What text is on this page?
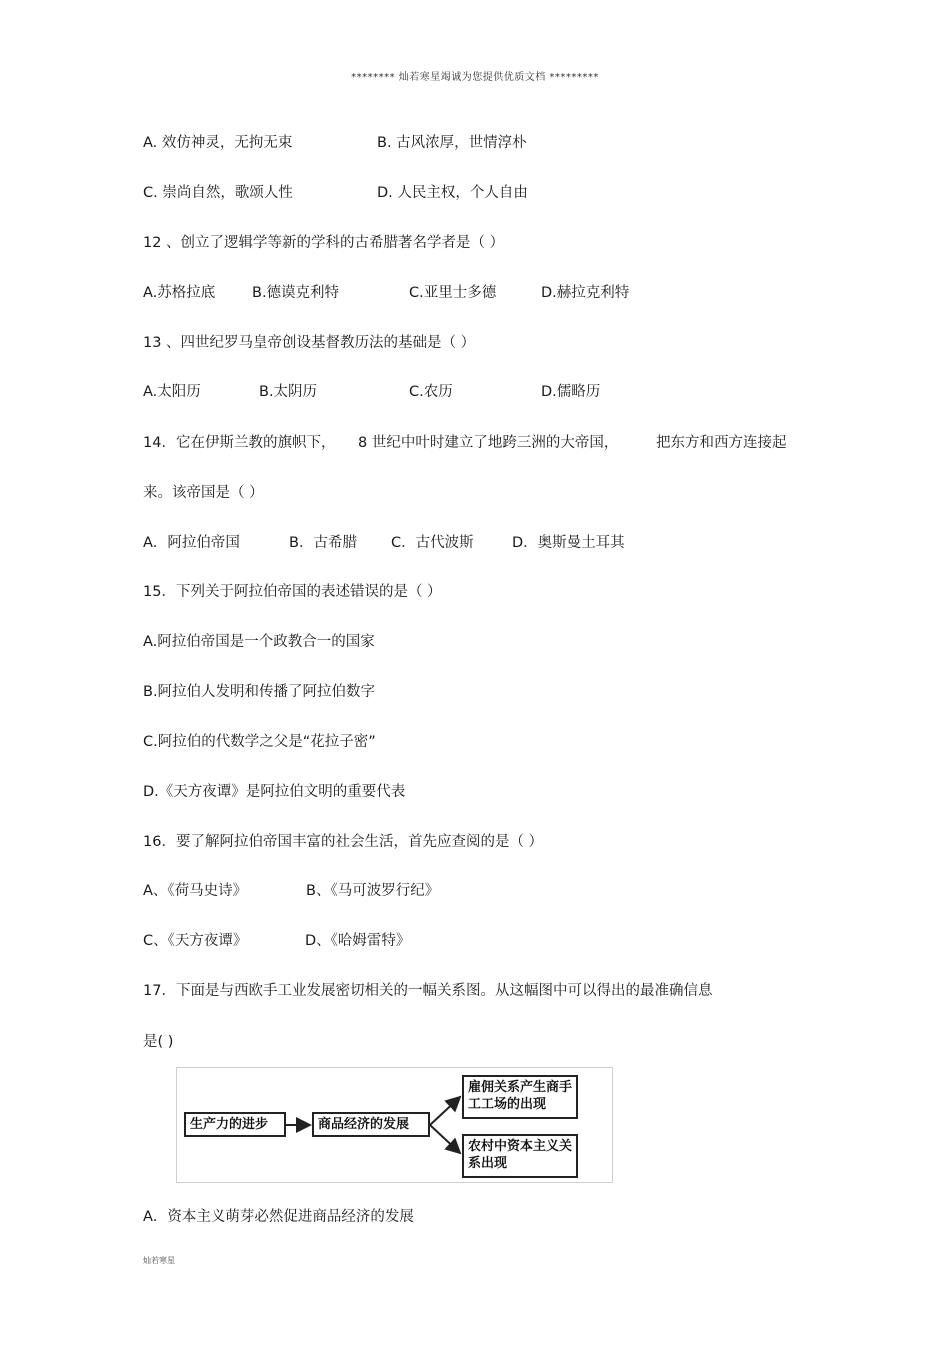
******** 灿若寒星竭诚为您提供优质文档 *********
A. 效仿神灵，无拘无束	B. 古风浓厚，世情淳朴
C. 崇尚自然，歌颂人性	D. 人民主权，个人自由
12 、创立了逻辑学等新的学科的古希腊著名学者是（ ）
A.苏格拉底	B.德谟克利特	C.亚里士多德	D.赫拉克利特
13 、四世纪罗马皇帝创设基督教历法的基础是（ ）
A.太阳历	B.太阴历	C.农历	D.儒略历
14．它在伊斯兰教的旗帜下， 8 世纪中叶时建立了地跨三洲的大帝国，	把东方和西方连接起
来。该帝国是（ ）
A．阿拉伯帝国	B．古希腊 C．古代波斯	D．奥斯曼土耳其
15．下列关于阿拉伯帝国的表述错误的是（ ）
A.阿拉伯帝国是一个政教合一的国家
B.阿拉伯人发明和传播了阿拉伯数字
C.阿拉伯的代数学之父是“花拉子密”
D.《天方夜谭》是阿拉伯文明的重要代表
16．要了解阿拉伯帝国丰富的社会生活，首先应查阅的是（ ）
A、《荷马史诗》	B、《马可波罗行纪》
C、《天方夜谭》	D、《哈姆雷特》
17．下面是与西欧手工业发展密切相关的一幅关系图。从这幅图中可以得出的最准确信息
是( )
生产力的进步	商品经济的发展
雇佣关系产生商手工工场的出现
农村中资本主义关系出现
A．资本主义萌芽必然促进商品经济的发展
灿若寒星
